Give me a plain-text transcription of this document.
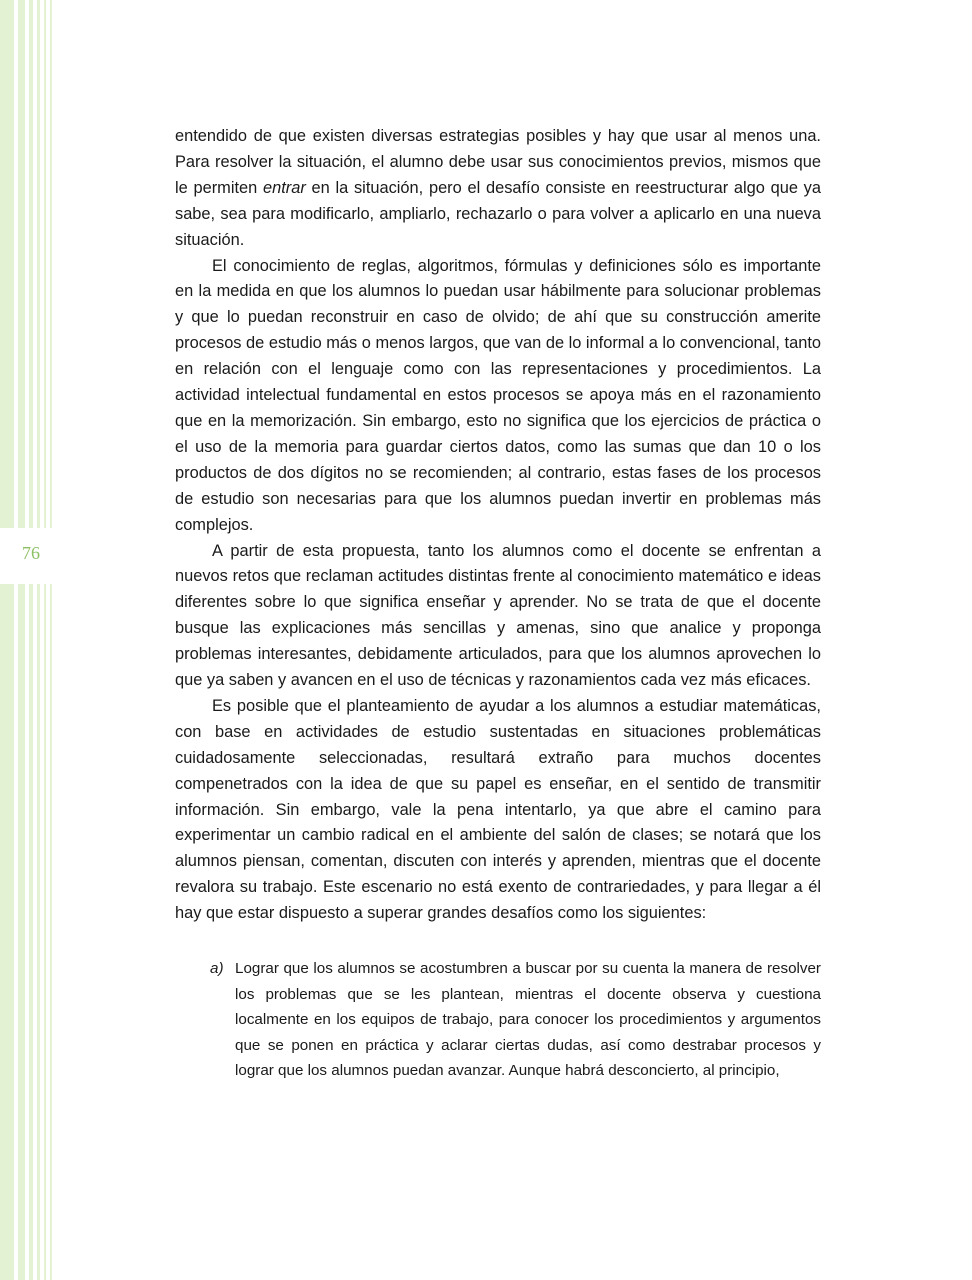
76

entendido de que existen diversas estrategias posibles y hay que usar al menos una. Para resolver la situación, el alumno debe usar sus conocimientos previos, mismos que le permiten entrar en la situación, pero el desafío consiste en reestructurar algo que ya sabe, sea para modificarlo, ampliarlo, rechazarlo o para volver a aplicarlo en una nueva situación.

El conocimiento de reglas, algoritmos, fórmulas y definiciones sólo es importante en la medida en que los alumnos lo puedan usar hábilmente para solucionar problemas y que lo puedan reconstruir en caso de olvido; de ahí que su construcción amerite procesos de estudio más o menos largos, que van de lo informal a lo convencional, tanto en relación con el lenguaje como con las representaciones y procedimientos. La actividad intelectual fundamental en estos procesos se apoya más en el razonamiento que en la memorización. Sin embargo, esto no significa que los ejercicios de práctica o el uso de la memoria para guardar ciertos datos, como las sumas que dan 10 o los productos de dos dígitos no se recomienden; al contrario, estas fases de los procesos de estudio son necesarias para que los alumnos puedan invertir en problemas más complejos.

A partir de esta propuesta, tanto los alumnos como el docente se enfrentan a nuevos retos que reclaman actitudes distintas frente al conocimiento matemático e ideas diferentes sobre lo que significa enseñar y aprender. No se trata de que el docente busque las explicaciones más sencillas y amenas, sino que analice y proponga problemas interesantes, debidamente articulados, para que los alumnos aprovechen lo que ya saben y avancen en el uso de técnicas y razonamientos cada vez más eficaces.

Es posible que el planteamiento de ayudar a los alumnos a estudiar matemáticas, con base en actividades de estudio sustentadas en situaciones problemáticas cuidadosamente seleccionadas, resultará extraño para muchos docentes compenetrados con la idea de que su papel es enseñar, en el sentido de transmitir información. Sin embargo, vale la pena intentarlo, ya que abre el camino para experimentar un cambio radical en el ambiente del salón de clases; se notará que los alumnos piensan, comentan, discuten con interés y aprenden, mientras que el docente revalora su trabajo. Este escenario no está exento de contrariedades, y para llegar a él hay que estar dispuesto a superar grandes desafíos como los siguientes:

a) Lograr que los alumnos se acostumbren a buscar por su cuenta la manera de resolver los problemas que se les plantean, mientras el docente observa y cuestiona localmente en los equipos de trabajo, para conocer los procedimientos y argumentos que se ponen en práctica y aclarar ciertas dudas, así como destrabar procesos y lograr que los alumnos puedan avanzar. Aunque habrá desconcierto, al principio,
